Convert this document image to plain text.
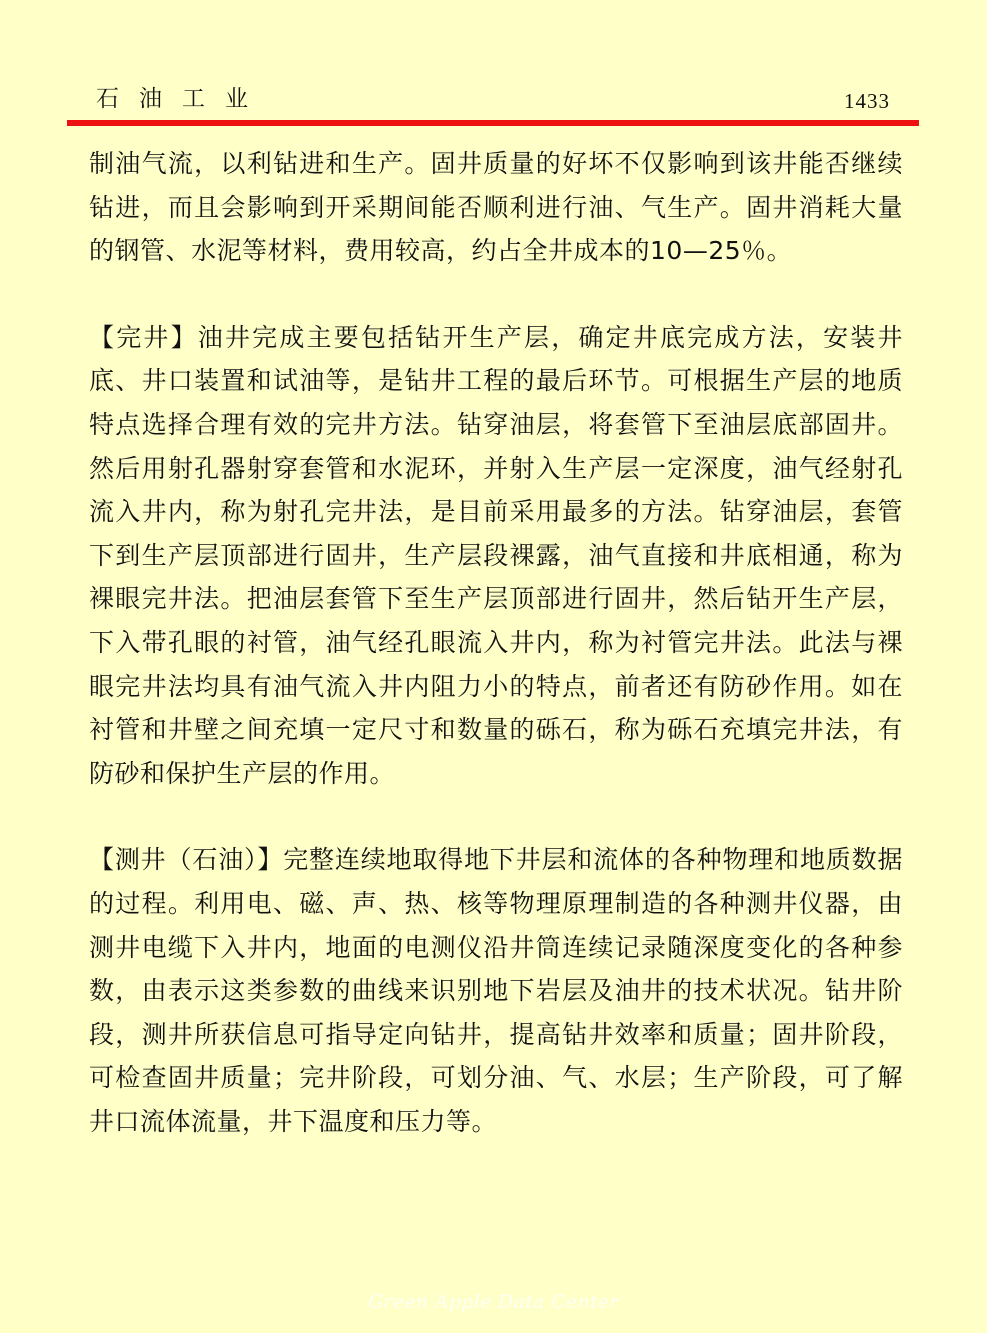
石油工业	1433

制油气流，以利钻进和生产。固井质量的好坏不仅影响到该井能否继续钻进，而且会影响到开采期间能否顺利进行油、气生产。固井消耗大量的钢管、水泥等材料，费用较高，约占全井成本的10—25％。

【完井】油井完成主要包括钻开生产层，确定井底完成方法，安装井底、井口装置和试油等，是钻井工程的最后环节。可根据生产层的地质特点选择合理有效的完井方法。钻穿油层，将套管下至油层底部固井。然后用射孔器射穿套管和水泥环，并射入生产层一定深度，油气经射孔流入井内，称为射孔完井法，是目前采用最多的方法。钻穿油层，套管下到生产层顶部进行固井，生产层段裸露，油气直接和井底相通，称为裸眼完井法。把油层套管下至生产层顶部进行固井，然后钻开生产层，下入带孔眼的衬管，油气经孔眼流入井内，称为衬管完井法。此法与裸眼完井法均具有油气流入井内阻力小的特点，前者还有防砂作用。如在衬管和井壁之间充填一定尺寸和数量的砾石，称为砾石充填完井法，有防砂和保护生产层的作用。

【测井（石油）】完整连续地取得地下井层和流体的各种物理和地质数据的过程。利用电、磁、声、热、核等物理原理制造的各种测井仪器，由测井电缆下入井内，地面的电测仪沿井筒连续记录随深度变化的各种参数，由表示这类参数的曲线来识别地下岩层及油井的技术状况。钻井阶段，测井所获信息可指导定向钻井，提高钻井效率和质量；固井阶段，可检查固井质量；完井阶段，可划分油、气、水层；生产阶段，可了解井口流体流量，井下温度和压力等。

Green Apple Data Center
